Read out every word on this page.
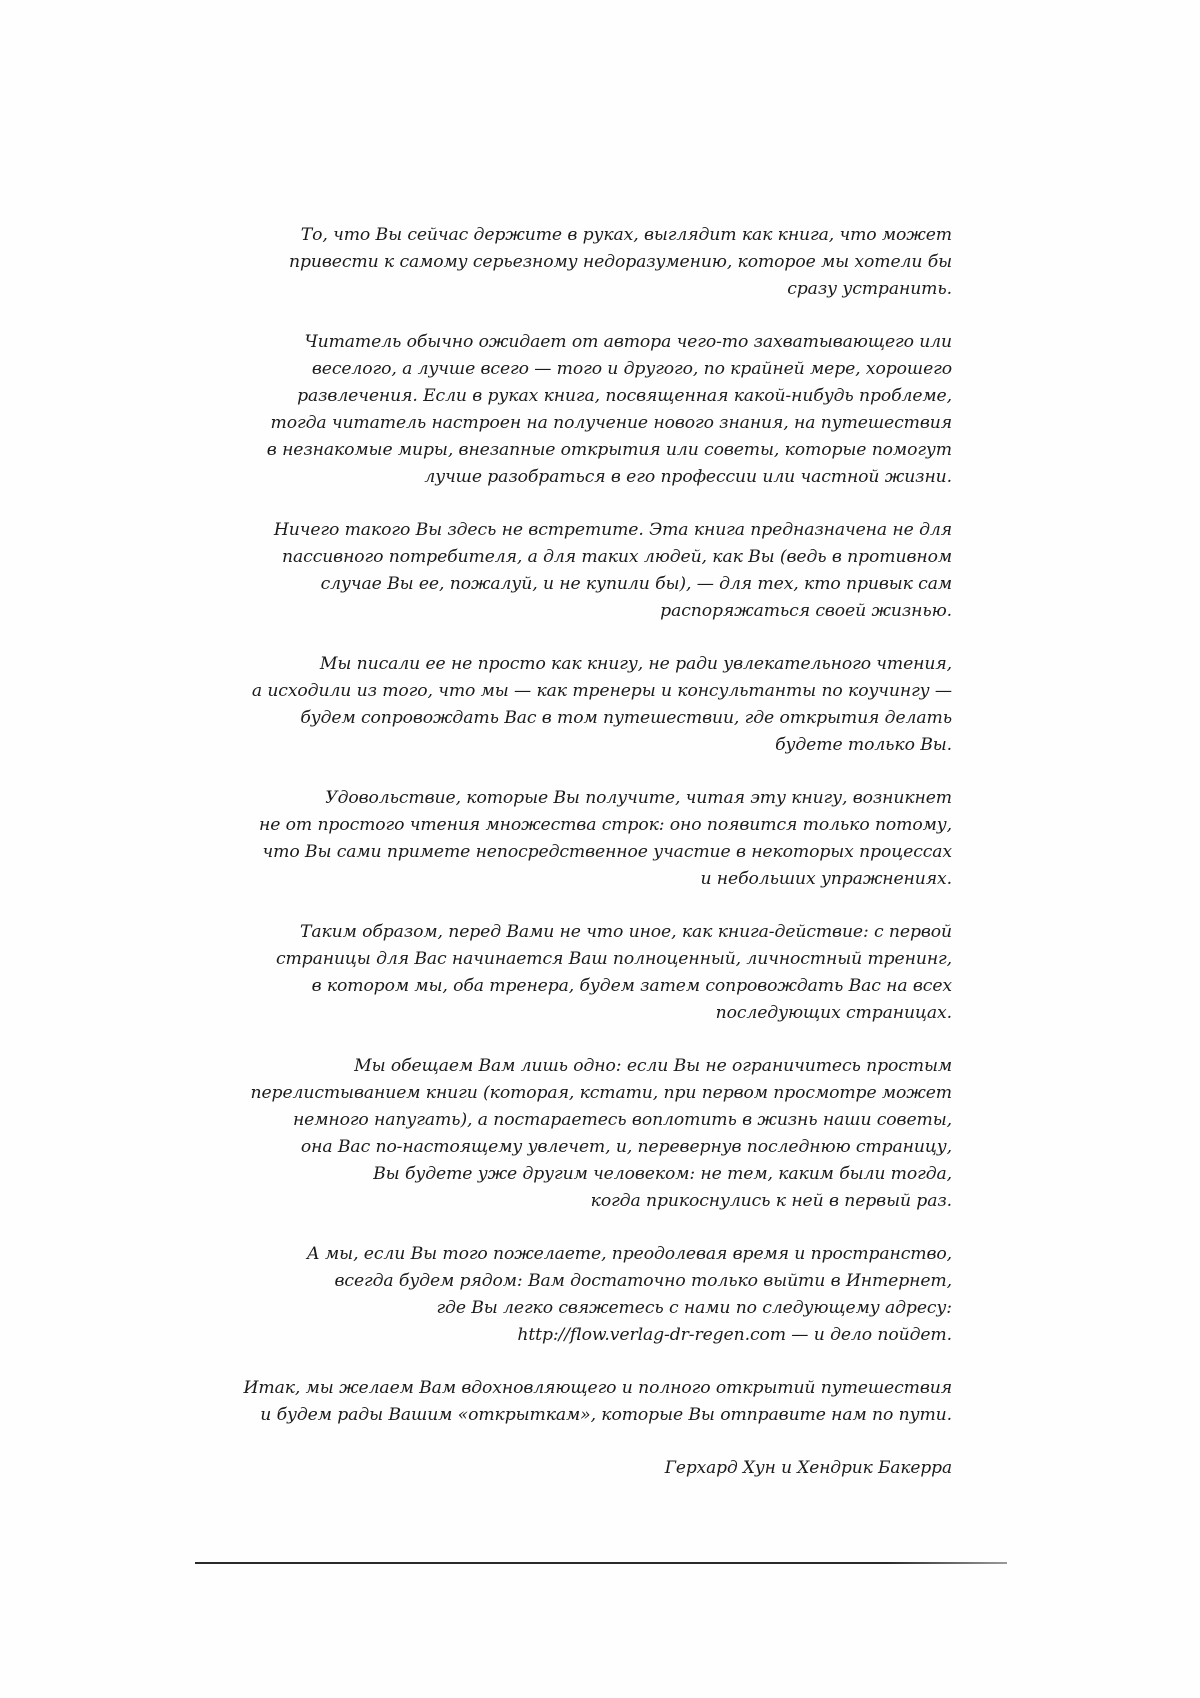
То, что Вы сейчас держите в руках, выглядит как книга, что может
привести к самому серьезному недоразумению, которое мы хотели бы
сразу устранить.

Читатель обычно ожидает от автора чего-то захватывающего или
веселого, а лучше всего — того и другого, по крайней мере, хорошего
развлечения. Если в руках книга, посвященная какой-нибудь проблеме,
тогда читатель настроен на получение нового знания, на путешествия
в незнакомые миры, внезапные открытия или советы, которые помогут
лучше разобраться в его профессии или частной жизни.

Ничего такого Вы здесь не встретите. Эта книга предназначена не для
пассивного потребителя, а для таких людей, как Вы (ведь в противном
случае Вы ее, пожалуй, и не купили бы), — для тех, кто привык сам
распоряжаться своей жизнью.

Мы писали ее не просто как книгу, не ради увлекательного чтения,
а исходили из того, что мы — как тренеры и консультанты по коучингу —
будем сопровождать Вас в том путешествии, где открытия делать
будете только Вы.

Удовольствие, которые Вы получите, читая эту книгу, возникнет
не от простого чтения множества строк: оно появится только потому,
что Вы сами примете непосредственное участие в некоторых процессах
и небольших упражнениях.

Таким образом, перед Вами не что иное, как книга-действие: с первой
страницы для Вас начинается Ваш полноценный, личностный тренинг,
в котором мы, оба тренера, будем затем сопровождать Вас на всех
последующих страницах.

Мы обещаем Вам лишь одно: если Вы не ограничитесь простым
перелистыванием книги (которая, кстати, при первом просмотре может
немного напугать), а постараетесь воплотить в жизнь наши советы,
она Вас по-настоящему увлечет, и, перевернув последнюю страницу,
Вы будете уже другим человеком: не тем, каким были тогда,
когда прикоснулись к ней в первый раз.

А мы, если Вы того пожелаете, преодолевая время и пространство,
всегда будем рядом: Вам достаточно только выйти в Интернет,
где Вы легко свяжетесь с нами по следующему адресу:
http://flow.verlag-dr-regen.com — и дело пойдет.

Итак, мы желаем Вам вдохновляющего и полного открытий путешествия
и будем рады Вашим «открыткам», которые Вы отправите нам по пути.

Герхард Хун и Хендрик Бакерра
